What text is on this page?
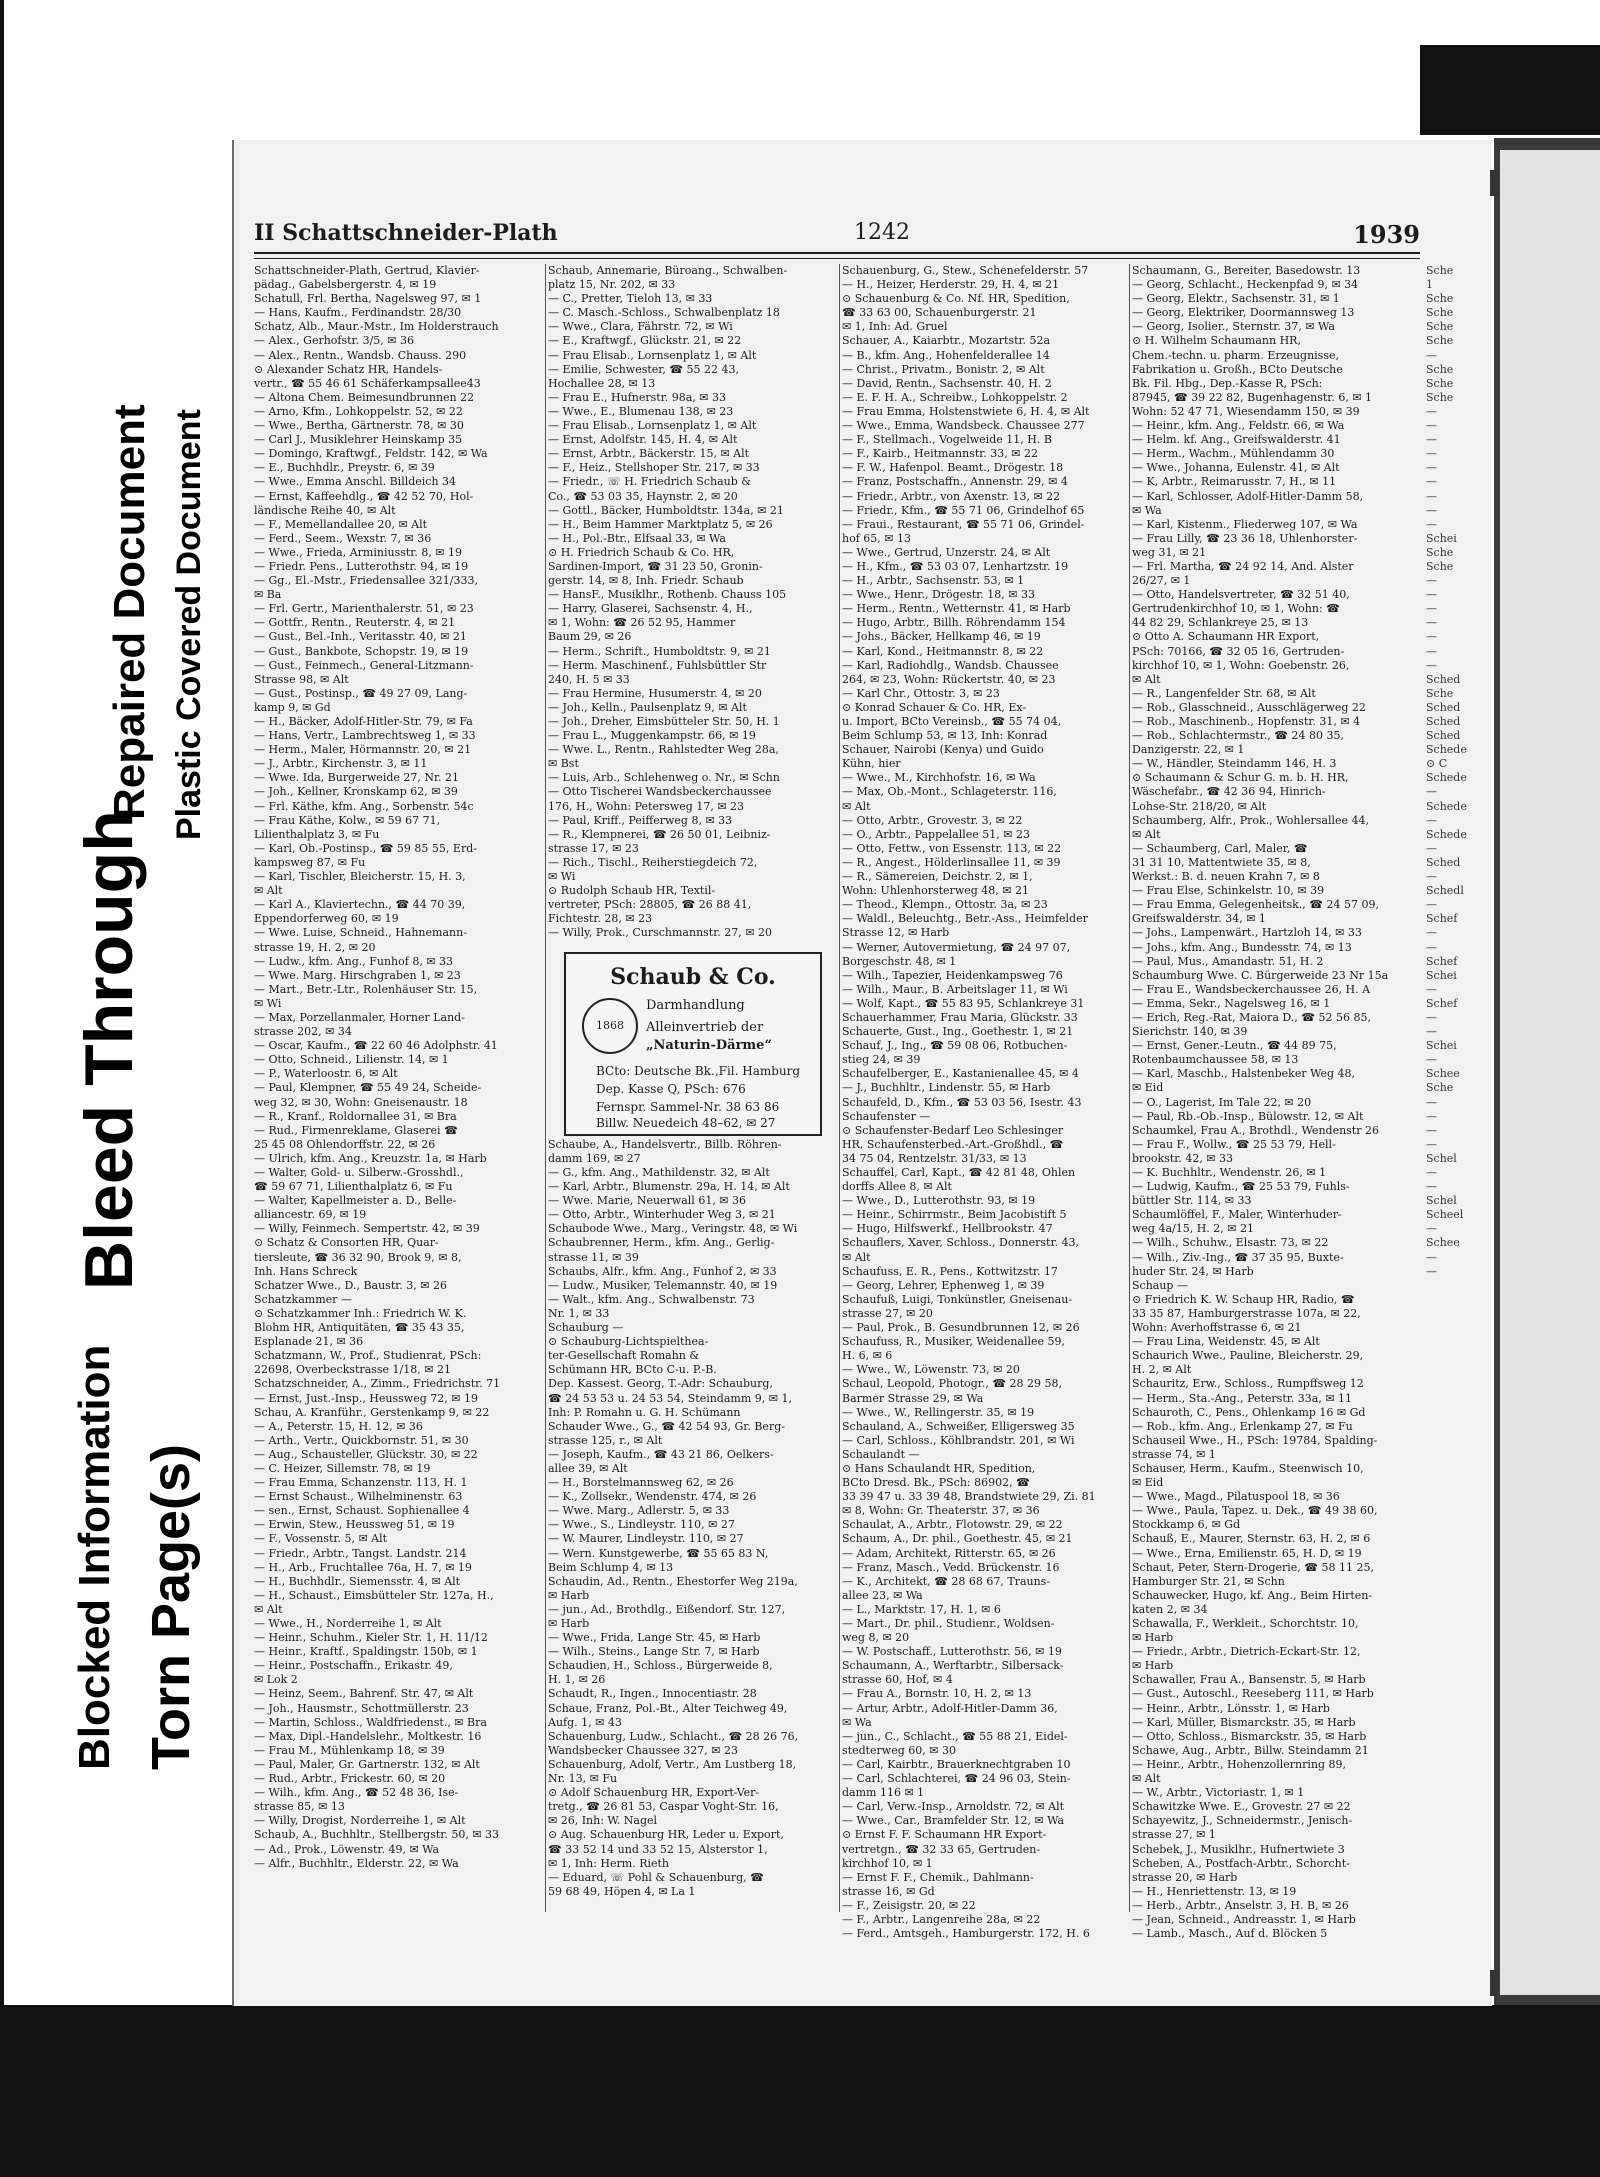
Blocked Information Torn Page(s)
Bleed Through
Repaired Document Plastic Covered Document
II Schattschneider-Plath	1242	1939
Schattschneider-Plath, Gertrud, Klavier-
pädag., Gabelsbergerstr. 4, ✉ 19
Schatull, Frl. Bertha, Nagelsweg 97, ✉ 1
— Hans, Kaufm., Ferdinandstr. 28/30
Schatz, Alb., Maur.-Mstr., Im Holderstrauch
— Alex., Gerhofstr. 3/5, ✉ 36
— Alex., Rentn., Wandsb. Chauss. 290
⊙ Alexander Schatz HR, Handels-
vertr., ☎ 55 46 61 Schäferkampsallee43
— Altona Chem. Beimesundbrunnen 22
— Arno, Kfm., Lohkoppelstr. 52, ✉ 22
— Wwe., Bertha, Gärtnerstr. 78, ✉ 30
— Carl J., Musiklehrer Heinskamp 35
— Domingo, Kraftwgf., Feldstr. 142, ✉ Wa
— E., Buchhdlr., Preystr. 6, ✉ 39
— Wwe., Emma Anschl. Billdeich 34
— Ernst, Kaffeehdlg., ☎ 42 52 70, Hol-
ländische Reihe 40, ✉ Alt
— F., Memellandallee 20, ✉ Alt
— Ferd., Seem., Wexstr. 7, ✉ 36
— Wwe., Frieda, Arminiusstr. 8, ✉ 19
— Friedr. Pens., Lutterothstr. 94, ✉ 19
— Gg., El.-Mstr., Friedensallee 321/333,
✉ Ba
— Frl. Gertr., Marienthalerstr. 51, ✉ 23
— Gottfr., Rentn., Reuterstr. 4, ✉ 21
— Gust., Bel.-Inh., Veritasstr. 40, ✉ 21
— Gust., Bankbote, Schopstr. 19, ✉ 19
— Gust., Feinmech., General-Litzmann-
Strasse 98, ✉ Alt
— Gust., Postinsp., ☎ 49 27 09, Lang-
kamp 9, ✉ Gd
— H., Bäcker, Adolf-Hitler-Str. 79, ✉ Fa
— Hans, Vertr., Lambrechtsweg 1, ✉ 33
— Herm., Maler, Hörmannstr. 20, ✉ 21
— J., Arbtr., Kirchenstr. 3, ✉ 11
— Wwe. Ida, Burgerweide 27, Nr. 21
— Joh., Kellner, Kronskamp 62, ✉ 39
— Frl. Käthe, kfm. Ang., Sorbenstr. 54c
— Frau Käthe, Kolw., ✉ 59 67 71,
Lilienthalplatz 3, ✉ Fu
— Karl, Ob.-Postinsp., ☎ 59 85 55, Erd-
kampsweg 87, ✉ Fu
— Karl, Tischler, Bleicherstr. 15, H. 3,
✉ Alt
— Karl A., Klaviertechn., ☎ 44 70 39,
Eppendorferweg 60, ✉ 19
— Wwe. Luise, Schneid., Hahnemann-
strasse 19, H. 2, ✉ 20
— Ludw., kfm. Ang., Funhof 8, ✉ 33
— Wwe. Marg. Hirschgraben 1, ✉ 23
— Mart., Betr.-Ltr., Rolenhäuser Str. 15,
✉ Wi
— Max, Porzellanmaler, Horner Land-
strasse 202, ✉ 34
— Oscar, Kaufm., ☎ 22 60 46 Adolphstr. 41
— Otto, Schneid., Lilienstr. 14, ✉ 1
— P., Waterloostr. 6, ✉ Alt
— Paul, Klempner, ☎ 55 49 24, Scheide-
weg 32, ✉ 30, Wohn: Gneisenaustr. 18
— R., Kranf., Roldornallee 31, ✉ Bra
— Rud., Firmenreklame, Glaserei ☎
25 45 08 Ohlendorffstr. 22, ✉ 26
— Ulrich, kfm. Ang., Kreuzstr. 1a, ✉ Harb
— Walter, Gold- u. Silberw.-Grosshdl.,
☎ 59 67 71, Lilienthalplatz 6, ✉ Fu
— Walter, Kapellmeister a. D., Belle-
alliancestr. 69, ✉ 19
— Willy, Feinmech. Sempertstr. 42, ✉ 39
⊙ Schatz & Consorten HR, Quar-
tiersleute, ☎ 36 32 90, Brook 9, ✉ 8,
Inh. Hans Schreck
Schatzer Wwe., D., Baustr. 3, ✉ 26
Schatzkammer —
⊙ Schatzkammer Inh.: Friedrich W. K.
Blohm HR, Antiquitäten, ☎ 35 43 35,
Esplanade 21, ✉ 36
Schatzmann, W., Prof., Studienrat, PSch:
22698, Overbeckstrasse 1/18, ✉ 21
Schatzschneider, A., Zimm., Friedrichstr. 71
— Ernst, Just.-Insp., Heussweg 72, ✉ 19
Schau, A. Kranführ., Gerstenkamp 9, ✉ 22
— A., Peterstr. 15, H. 12, ✉ 36
— Arth., Vertr., Quickbornstr. 51, ✉ 30
— Aug., Schausteller, Glückstr. 30, ✉ 22
— C. Heizer, Sillemstr. 78, ✉ 19
— Frau Emma, Schanzenstr. 113, H. 1
— Ernst Schaust., Wilhelminenstr. 63
— sen., Ernst, Schaust. Sophienallee 4
— Erwin, Stew., Heussweg 51, ✉ 19
— F., Vossenstr. 5, ✉ Alt
— Friedr., Arbtr., Tangst. Landstr. 214
— H., Arb., Fruchtallee 76a, H. 7, ✉ 19
— H., Buchhdlr., Siemensstr. 4, ✉ Alt
— H., Schaust., Eimsbütteler Str. 127a, H.,
✉ Alt
— Wwe., H., Norderreihe 1, ✉ Alt
— Heinr., Schuhm., Kieler Str. 1, H. 11/12
— Heinr., Kraftf., Spaldingstr. 150b, ✉ 1
— Heinr., Postschaffn., Erikastr. 49,
✉ Lok 2
— Heinz, Seem., Bahrenf. Str. 47, ✉ Alt
— Joh., Hausmstr., Schottmüllerstr. 23
— Martin, Schloss., Waldfriedenst., ✉ Bra
— Max, Dipl.-Handelslehr., Moltkestr. 16
— Frau M., Mühlenkamp 18, ✉ 39
— Paul, Maler, Gr. Gartnerstr. 132, ✉ Alt
— Rud., Arbtr., Frickestr. 60, ✉ 20
— Wilh., kfm. Ang., ☎ 52 48 36, Ise-
strasse 85, ✉ 13
— Willy, Drogist, Norderreihe 1, ✉ Alt
Schaub, A., Buchhltr., Stellbergstr. 50, ✉ 33
— Ad., Prok., Löwenstr. 49, ✉ Wa
— Alfr., Buchhltr., Elderstr. 22, ✉ Wa
Schaub, Annemarie, Büroang., Schwalben-
platz 15, Nr. 202, ✉ 33
— C., Pretter, Tieloh 13, ✉ 33
— C. Masch.-Schloss., Schwalbenplatz 18
— Wwe., Clara, Fährstr. 72, ✉ Wi
— E., Kraftwgf., Glückstr. 21, ✉ 22
— Frau Elisab., Lornsenplatz 1, ✉ Alt
— Emilie, Schwester, ☎ 55 22 43,
Hochallee 28, ✉ 13
— Frau E., Hufnerstr. 98a, ✉ 33
— Wwe., E., Blumenau 138, ✉ 23
— Frau Elisab., Lornsenplatz 1, ✉ Alt
— Ernst, Adolfstr. 145, H. 4, ✉ Alt
— Ernst, Arbtr., Bäckerstr. 15, ✉ Alt
— F., Heiz., Stellshoper Str. 217, ✉ 33
— Friedr., ☏ H. Friedrich Schaub &
Co., ☎ 53 03 35, Haynstr. 2, ✉ 20
— Gottl., Bäcker, Humboldtstr. 134a, ✉ 21
— H., Beim Hammer Marktplatz 5, ✉ 26
— H., Pol.-Btr., Elfsaal 33, ✉ Wa
⊙ H. Friedrich Schaub & Co. HR,
Sardinen-Import, ☎ 31 23 50, Gronin-
gerstr. 14, ✉ 8, Inh. Friedr. Schaub
— HansF., Musiklhr., Rothenb. Chauss 105
— Harry, Glaserei, Sachsenstr. 4, H.,
✉ 1, Wohn: ☎ 26 52 95, Hammer
Baum 29, ✉ 26
— Herm., Schrift., Humboldtstr. 9, ✉ 21
— Herm. Maschinenf., Fuhlsbüttler Str
240, H. 5 ✉ 33
— Frau Hermine, Husumerstr. 4, ✉ 20
— Joh., Kelln., Paulsenplatz 9, ✉ Alt
— Joh., Dreher, Eimsbütteler Str. 50, H. 1
— Frau L., Muggenkampstr. 66, ✉ 19
— Wwe. L., Rentn., Rahlstedter Weg 28a,
✉ Bst
— Luis, Arb., Schlehenweg o. Nr., ✉ Schn
— Otto Tischerei Wandsbeckerchaussee
176, H., Wohn: Petersweg 17, ✉ 23
— Paul, Kriff., Peifferweg 8, ✉ 33
— R., Klempnerei, ☎ 26 50 01, Leibniz-
strasse 17, ✉ 23
— Rich., Tischl., Reiherstiegdeich 72,
✉ Wi
⊙ Rudolph Schaub HR, Textil-
vertreter, PSch: 28805, ☎ 26 88 41,
Fichtestr. 28, ✉ 23
— Willy, Prok., Curschmannstr. 27, ✉ 20

Schaube, A., Handelsvertr., Billb. Röhren-
damm 169, ✉ 27
— G., kfm. Ang., Mathildenstr. 32, ✉ Alt
— Karl, Arbtr., Blumenstr. 29a, H. 14, ✉ Alt
— Wwe. Marie, Neuerwall 61, ✉ 36
— Otto, Arbtr., Winterhuder Weg 3, ✉ 21
Schaubode Wwe., Marg., Veringstr. 48, ✉ Wi
Schaubrenner, Herm., kfm. Ang., Gerlig-
strasse 11, ✉ 39
Schaubs, Alfr., kfm. Ang., Funhof 2, ✉ 33
— Ludw., Musiker, Telemannstr. 40, ✉ 19
— Walt., kfm. Ang., Schwalbenstr. 73
Nr. 1, ✉ 33
Schauburg —
⊙ Schauburg-Lichtspielthea-
ter-Gesellschaft Romahn &
Schümann HR, BCto C-u. P.-B.
Dep. Kassest. Georg, T.-Adr: Schauburg,
☎ 24 53 53 u. 24 53 54, Steindamm 9, ✉ 1,
Inh: P. Romahn u. G. H. Schümann
Schauder Wwe., G., ☎ 42 54 93, Gr. Berg-
strasse 125, r., ✉ Alt
— Joseph, Kaufm., ☎ 43 21 86, Oelkers-
allee 39, ✉ Alt
— H., Borstelmannsweg 62, ✉ 26
— K., Zollsekr., Wendenstr. 474, ✉ 26
— Wwe. Marg., Adlerstr. 5, ✉ 33
— Wwe., S., Lindleystr. 110, ✉ 27
— W. Maurer, Lindleystr. 110, ✉ 27
— Wern. Kunstgewerbe, ☎ 55 65 83 N,
Beim Schlump 4, ✉ 13
Schaudin, Ad., Rentn., Ehestorfer Weg 219a,
✉ Harb
— jun., Ad., Brothdlg., Eißendorf. Str. 127,
✉ Harb
— Wwe., Frida, Lange Str. 45, ✉ Harb
— Wilh., Steins., Lange Str. 7, ✉ Harb
Schaudien, H., Schloss., Bürgerweide 8,
H. 1, ✉ 26
Schaudt, R., Ingen., Innocentiastr. 28
Schaue, Franz, Pol.-Bt., Alter Teichweg 49,
Aufg. 1, ✉ 43
Schauenburg, Ludw., Schlacht., ☎ 28 26 76,
Wandsbecker Chaussee 327, ✉ 23
Schauenburg, Adolf, Vertr., Am Lustberg 18,
Nr. 13, ✉ Fu
⊙ Adolf Schauenburg HR, Export-Ver-
tretg., ☎ 26 81 53, Caspar Voght-Str. 16,
✉ 26, Inh: W. Nagel
⊙ Aug. Schauenburg HR, Leder u. Export,
☎ 33 52 14 und 33 52 15, Alsterstor 1,
✉ 1, Inh: Herm. Rieth
— Eduard, ☏ Pohl & Schauenburg, ☎
59 68 49, Höpen 4, ✉ La 1
Schauenburg, G., Stew., Schenefelderstr. 57
— H., Heizer, Herderstr. 29, H. 4, ✉ 21
⊙ Schauenburg & Co. Nf. HR, Spedition,
☎ 33 63 00, Schauenburgerstr. 21
✉ 1, Inh: Ad. Gruel
Schauer, A., Kaiarbtr., Mozartstr. 52a
— B., kfm. Ang., Hohenfelderallee 14
— Christ., Privatm., Bonistr. 2, ✉ Alt
— David, Rentn., Sachsenstr. 40, H. 2
— E. F. H. A., Schreibw., Lohkoppelstr. 2
— Frau Emma, Holstenstwiete 6, H. 4, ✉ Alt
— Wwe., Emma, Wandsbeck. Chaussee 277
— F., Stellmach., Vogelweide 11, H. B
— F., Kairb., Heitmannstr. 33, ✉ 22
— F. W., Hafenpol. Beamt., Drögestr. 18
— Franz, Postschaffn., Annenstr. 29, ✉ 4
— Friedr., Arbtr., von Axenstr. 13, ✉ 22
— Friedr., Kfm., ☎ 55 71 06, Grindelhof 65
— Fraui., Restaurant, ☎ 55 71 06, Grindel-
hof 65, ✉ 13
— Wwe., Gertrud, Unzerstr. 24, ✉ Alt
— H., Kfm., ☎ 53 03 07, Lenhartzstr. 19
— H., Arbtr., Sachsenstr. 53, ✉ 1
— Wwe., Henr., Drögestr. 18, ✉ 33
— Herm., Rentn., Wetternstr. 41, ✉ Harb
— Hugo, Arbtr., Billh. Röhrendamm 154
— Johs., Bäcker, Hellkamp 46, ✉ 19
— Karl, Kond., Heitmannstr. 8, ✉ 22
— Karl, Radiohdlg., Wandsb. Chaussee
264, ✉ 23, Wohn: Rückertstr. 40, ✉ 23
— Karl Chr., Ottostr. 3, ✉ 23
⊙ Konrad Schauer & Co. HR, Ex-
u. Import, BCto Vereinsb., ☎ 55 74 04,
Beim Schlump 53, ✉ 13, Inh: Konrad
Schauer, Nairobi (Kenya) und Guido
Kühn, hier
— Wwe., M., Kirchhofstr. 16, ✉ Wa
— Max, Ob.-Mont., Schlageterstr. 116,
✉ Alt
— Otto, Arbtr., Grovestr. 3, ✉ 22
— O., Arbtr., Pappelallee 51, ✉ 23
— Otto, Fettw., von Essenstr. 113, ✉ 22
— R., Angest., Hölderlinsallee 11, ✉ 39
— R., Sämereien, Deichstr. 2, ✉ 1,
Wohn: Uhlenhorsterweg 48, ✉ 21
— Theod., Klempn., Ottostr. 3a, ✉ 23
— Waldl., Beleuchtg., Betr.-Ass., Heimfelder
Strasse 12, ✉ Harb
— Werner, Autovermietung, ☎ 24 97 07,
Borgeschstr. 48, ✉ 1
— Wilh., Tapezier, Heidenkampsweg 76
— Wilh., Maur., B. Arbeitslager 11, ✉ Wi
— Wolf, Kapt., ☎ 55 83 95, Schlankreye 31
Schauerhammer, Frau Maria, Glückstr. 33
Schauerte, Gust., Ing., Goethestr. 1, ✉ 21
Schauf, J., Ing., ☎ 59 08 06, Rotbuchen-
stieg 24, ✉ 39
Schaufelberger, E., Kastanienallee 45, ✉ 4
— J., Buchhltr., Lindenstr. 55, ✉ Harb
Schaufeld, D., Kfm., ☎ 53 03 56, Isestr. 43
Schaufenster —
⊙ Schaufenster-Bedarf Leo Schlesinger
HR, Schaufensterbed.-Art.-Großhdl., ☎
34 75 04, Rentzelstr. 31/33, ✉ 13
Schauffel, Carl, Kapt., ☎ 42 81 48, Ohlen
dorffs Allee 8, ✉ Alt
— Wwe., D., Lutterothstr. 93, ✉ 19
— Heinr., Schirrmstr., Beim Jacobistift 5
— Hugo, Hilfswerkf., Hellbrookstr. 47
Schauflers, Xaver, Schloss., Donnerstr. 43,
✉ Alt
Schaufuss, E. R., Pens., Kottwitzstr. 17
— Georg, Lehrer, Ephenweg 1, ✉ 39
Schaufuß, Luigi, Tonkünstler, Gneisenau-
strasse 27, ✉ 20
— Paul, Prok., B. Gesundbrunnen 12, ✉ 26
Schaufuss, R., Musiker, Weidenallee 59,
H. 6, ✉ 6
— Wwe., W., Löwenstr. 73, ✉ 20
Schaul, Leopold, Photogr., ☎ 28 29 58,
Barmer Strasse 29, ✉ Wa
— Wwe., W., Rellingerstr. 35, ✉ 19
Schauland, A., Schweißer, Elligersweg 35
— Carl, Schloss., Köhlbrandstr. 201, ✉ Wi
Schaulandt —
⊙ Hans Schaulandt HR, Spedition,
BCto Dresd. Bk., PSch: 86902, ☎
33 39 47 u. 33 39 48, Brandstwiete 29, Zi. 81
✉ 8, Wohn: Gr. Theaterstr. 37, ✉ 36
Schaulat, A., Arbtr., Flotowstr. 29, ✉ 22
Schaum, A., Dr. phil., Goethestr. 45, ✉ 21
— Adam, Architekt, Ritterstr. 65, ✉ 26
— Franz, Masch., Vedd. Brückenstr. 16
— K., Architekt, ☎ 28 68 67, Trauns-
allee 23, ✉ Wa
— L., Marktstr. 17, H. 1, ✉ 6
— Mart., Dr. phil., Studienr., Woldsen-
weg 8, ✉ 20
— W. Postschaff., Lutterothstr. 56, ✉ 19
Schaumann, A., Werftarbtr., Silbersack-
strasse 60, Hof, ✉ 4
— Frau A., Bornstr. 10, H. 2, ✉ 13
— Artur, Arbtr., Adolf-Hitler-Damm 36,
✉ Wa
— jun., C., Schlacht., ☎ 55 88 21, Eidel-
stedterweg 60, ✉ 30
— Carl, Kairbtr., Brauerknechtgraben 10
— Carl, Schlachterei, ☎ 24 96 03, Stein-
damm 116 ✉ 1
— Carl, Verw.-Insp., Arnoldstr. 72, ✉ Alt
— Wwe., Car., Bramfelder Str. 12, ✉ Wa
⊙ Ernst F. F. Schaumann HR Export-
vertretgn., ☎ 32 33 65, Gertruden-
kirchhof 10, ✉ 1
— Ernst F. F., Chemik., Dahlmann-
strasse 16, ✉ Gd
— F., Zeisigstr. 20, ✉ 22
— F., Arbtr., Langenreihe 28a, ✉ 22
— Ferd., Amtsgeh., Hamburgerstr. 172, H. 6
Schaumann, G., Bereiter, Basedowstr. 13
— Georg, Schlacht., Heckenpfad 9, ✉ 34
— Georg, Elektr., Sachsenstr. 31, ✉ 1
— Georg, Elektriker, Doormannsweg 13
— Georg, Isolier., Sternstr. 37, ✉ Wa
⊙ H. Wilhelm Schaumann HR,
Chem.-techn. u. pharm. Erzeugnisse,
Fabrikation u. Großh., BCto Deutsche
Bk. Fil. Hbg., Dep.-Kasse R, PSch:
87945, ☎ 39 22 82, Bugenhagenstr. 6, ✉ 1
Wohn: 52 47 71, Wiesendamm 150, ✉ 39
— Heinr., kfm. Ang., Feldstr. 66, ✉ Wa
— Helm. kf. Ang., Greifswalderstr. 41
— Herm., Wachm., Mühlendamm 30
— Wwe., Johanna, Eulenstr. 41, ✉ Alt
— K, Arbtr., Reimarusstr. 7, H., ✉ 11
— Karl, Schlosser, Adolf-Hitler-Damm 58,
✉ Wa
— Karl, Kistenm., Fliederweg 107, ✉ Wa
— Frau Lilly, ☎ 23 36 18, Uhlenhorster-
weg 31, ✉ 21
— Frl. Martha, ☎ 24 92 14, And. Alster
26/27, ✉ 1
— Otto, Handelsvertreter, ☎ 32 51 40,
Gertrudenkirchhof 10, ✉ 1, Wohn: ☎
44 82 29, Schlankreye 25, ✉ 13
⊙ Otto A. Schaumann HR Export,
PSch: 70166, ☎ 32 05 16, Gertruden-
kirchhof 10, ✉ 1, Wohn: Goebenstr. 26,
✉ Alt
— R., Langenfelder Str. 68, ✉ Alt
— Rob., Glasschneid., Ausschlägerweg 22
— Rob., Maschinenb., Hopfenstr. 31, ✉ 4
— Rob., Schlachtermstr., ☎ 24 80 35,
Danzigerstr. 22, ✉ 1
— W., Händler, Steindamm 146, H. 3
⊙ Schaumann & Schur G. m. b. H. HR,
Wäschefabr., ☎ 42 36 94, Hinrich-
Lohse-Str. 218/20, ✉ Alt
Schaumberg, Alfr., Prok., Wohlersallee 44,
✉ Alt
— Schaumberg, Carl, Maler, ☎
31 31 10, Mattentwiete 35, ✉ 8,
Werkst.: B. d. neuen Krahn 7, ✉ 8
— Frau Else, Schinkelstr. 10, ✉ 39
— Frau Emma, Gelegenheitsk., ☎ 24 57 09,
Greifswalderstr. 34, ✉ 1
— Johs., Lampenwärt., Hartzloh 14, ✉ 33
— Johs., kfm. Ang., Bundesstr. 74, ✉ 13
— Paul, Mus., Amandastr. 51, H. 2
Schaumburg Wwe. C. Bürgerweide 23 Nr 15a
— Frau E., Wandsbeckerchaussee 26, H. A
— Emma, Sekr., Nagelsweg 16, ✉ 1
— Erich, Reg.-Rat, Maiora D., ☎ 52 56 85,
Sierichstr. 140, ✉ 39
— Ernst, Gener.-Leutn., ☎ 44 89 75,
Rotenbaumchaussee 58, ✉ 13
— Karl, Maschb., Halstenbeker Weg 48,
✉ Eid
— O., Lagerist, Im Tale 22, ✉ 20
— Paul, Rb.-Ob.-Insp., Bülowstr. 12, ✉ Alt
Schaumkel, Frau A., Brothdl., Wendenstr 26
— Frau F., Wollw., ☎ 25 53 79, Hell-
brookstr. 42, ✉ 33
— K. Buchhltr., Wendenstr. 26, ✉ 1
— Ludwig, Kaufm., ☎ 25 53 79, Fuhls-
büttler Str. 114, ✉ 33
Schaumlöffel, F., Maler, Winterhuder-
weg 4a/15, H. 2, ✉ 21
— Wilh., Schuhw., Elsastr. 73, ✉ 22
— Wilh., Ziv.-Ing., ☎ 37 35 95, Buxte-
huder Str. 24, ✉ Harb
Schaup —
⊙ Friedrich K. W. Schaup HR, Radio, ☎
33 35 87, Hamburgerstrasse 107a, ✉ 22,
Wohn: Averhoffstrasse 6, ✉ 21
— Frau Lina, Weidenstr. 45, ✉ Alt
Schaurich Wwe., Pauline, Bleicherstr. 29,
H. 2, ✉ Alt
Schauritz, Erw., Schloss., Rumpffsweg 12
— Herm., Sta.-Ang., Peterstr. 33a, ✉ 11
Schauroth, C., Pens., Ohlenkamp 16 ✉ Gd
— Rob., kfm. Ang., Erlenkamp 27, ✉ Fu
Schauseil Wwe., H., PSch: 19784, Spalding-
strasse 74, ✉ 1
Schauser, Herm., Kaufm., Steenwisch 10,
✉ Eid
— Wwe., Magd., Pilatuspool 18, ✉ 36
— Wwe., Paula, Tapez. u. Dek., ☎ 49 38 60,
Stockkamp 6, ✉ Gd
Schauß, E., Maurer, Sternstr. 63, H. 2, ✉ 6
— Wwe., Erna, Emilienstr. 65, H. D, ✉ 19
Schaut, Peter, Stern-Drogerie, ☎ 58 11 25,
Hamburger Str. 21, ✉ Schn
Schauwecker, Hugo, kf. Ang., Beim Hirten-
katen 2, ✉ 34
Schawalla, F., Werkleit., Schorchtstr. 10,
✉ Harb
— Friedr., Arbtr., Dietrich-Eckart-Str. 12,
✉ Harb
Schawaller, Frau A., Bansenstr. 5, ✉ Harb
— Gust., Autoschl., Reeseberg 111, ✉ Harb
— Heinr., Arbtr., Lönsstr. 1, ✉ Harb
— Karl, Müller, Bismarckstr. 35, ✉ Harb
— Otto, Schloss., Bismarckstr. 35, ✉ Harb
Schawe, Aug., Arbtr., Billw. Steindamm 21
— Heinr., Arbtr., Hohenzollernring 89,
✉ Alt
— W., Arbtr., Victoriastr. 1, ✉ 1
Schawitzke Wwe. E., Grovestr. 27 ✉ 22
Schayewitz, J., Schneidermstr., Jenisch-
strasse 27, ✉ 1
Schebek, J., Musiklhr., Hufnertwiete 3
Scheben, A., Postfach-Arbtr., Schorcht-
strasse 20, ✉ Harb
— H., Henriettenstr. 13, ✉ 19
— Herb., Arbtr., Anselstr. 3, H. B, ✉ 26
— Jean, Schneid., Andreasstr. 1, ✉ Harb
— Lamb., Masch., Auf d. Blöcken 5
Schaub & Co.
1868
Darmhandlung
Alleinvertrieb der
„Naturin-Därme“
BCto: Deutsche Bk.,Fil. Hamburg
Dep. Kasse Q, PSch: 676
Fernspr. Sammel-Nr. 38 63 86
Billw. Neuedeich 48–62, ✉ 27
Sche
1
Sche
Sche
Sche
Sche
—
Sche
Sche
Sche
—
—
—
—
—
—
—
—
—
Schei
Sche
Sche
—
—
—
—
—
—
—
Sched
Sche
Sched
Sched
Sched
Schede
⊙ C
Schede
—
Schede
—
Schede
—
Sched
—
Schedl
—
Schef
—
—
Schef
Schei
—
Schef
—
—
Schei
—
Schee
Sche
—
—
—
—
Schel
—
—
Schel
Scheel
—
Schee
—
—
